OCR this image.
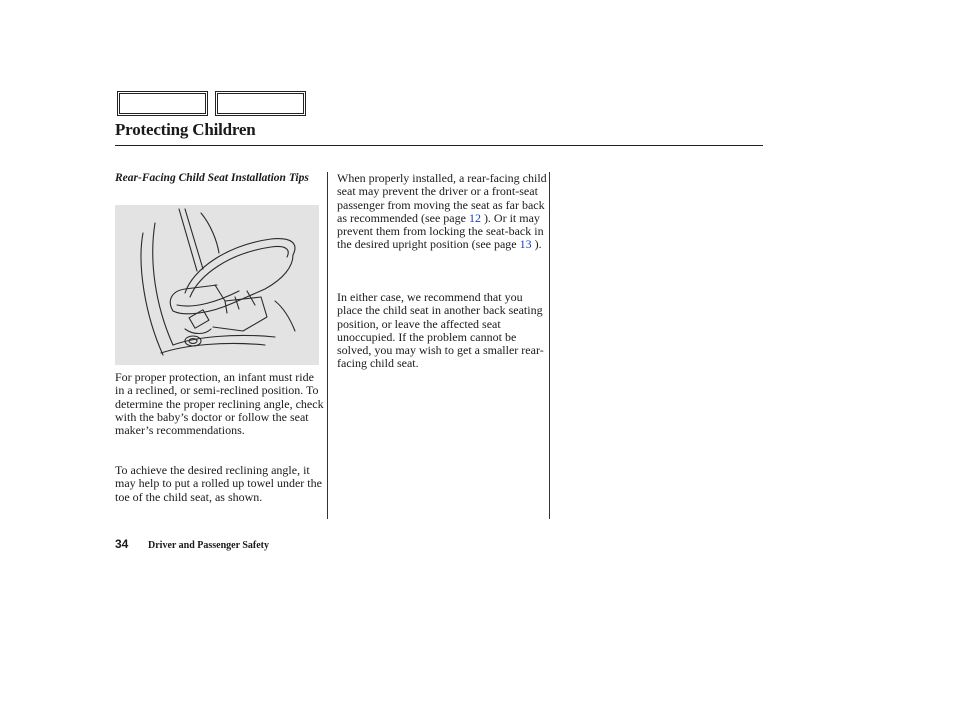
Protecting Children
Rear-Facing Child Seat Installation Tips

For proper protection, an infant must ride in a reclined, or semi-reclined position. To determine the proper reclining angle, check with the baby’s doctor or follow the seat maker’s recommendations.

To achieve the desired reclining angle, it may help to put a rolled up towel under the toe of the child seat, as shown.

When properly installed, a rear-facing child seat may prevent the driver or a front-seat passenger from moving the seat as far back as recommended (see page 12 ). Or it may prevent them from locking the seat-back in the desired upright position (see page 13 ).

In either case, we recommend that you place the child seat in another back seating position, or leave the affected seat unoccupied. If the problem cannot be solved, you may wish to get a smaller rear-facing child seat.

34 Driver and Passenger Safety
